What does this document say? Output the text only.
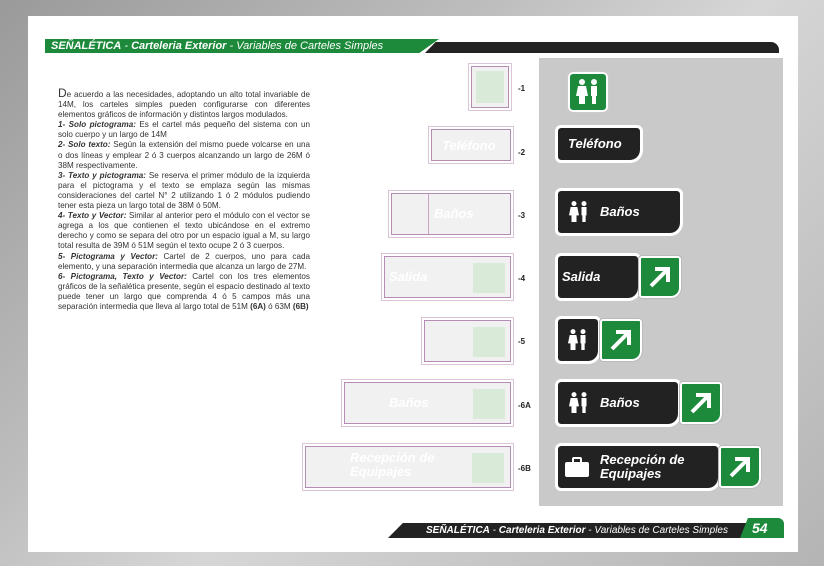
SEÑALÉTICA - Carteleria Exterior - Variables de Carteles Simples

De acuerdo a las necesidades, adoptando un alto total invariable de 14M, los carteles simples pueden configurarse con diferentes elementos gráficos de información y distintos largos modulados.

1- Solo pictograma: Es el cartel más pequeño del sistema con un solo cuerpo y un largo de 14M

2- Solo texto: Según la extensión del mismo puede volcarse en una o dos líneas y emplear 2 ó 3 cuerpos alcanzando un largo de 26M ó 38M respectivamente.

3- Texto y pictograma: Se reserva el primer módulo de la izquierda para el pictograma y el texto se emplaza según las mismas consideraciones del cartel N° 2 utilizando 1 ó 2 módulos pudiendo tener esta pieza un largo total de 38M ó 50M.

4- Texto y Vector: Similar al anterior pero el módulo con el vector se agrega a los que contienen el texto ubicándose en el extremo derecho y como se separa del otro por un espacio igual a M, su largo total resulta de 39M ó 51M según el texto ocupe 2 ó 3 cuerpos.

5- Pictograma y Vector: Cartel de 2 cuerpos, uno para cada elemento, y una separación intermedia que alcanza un largo de 27M.

6- Pictograma, Texto y Vector: Cartel con los tres elementos gráficos de la señalética presente, según el espacio destinado al texto puede tener un largo que comprenda 4 ó 5 campos más una separación intermedia que lleva al largo total de 51M (6A) ó 63M (6B)

Teléfono
Baños
Salida
Baños
Recepción de
Equipajes
-1
-2
-3
-4
-5
-6A
-6B
Teléfono
Baños
Salida
Baños
Recepción de
Equipajes
SEÑALÉTICA - Carteleria Exterior - Variables de Carteles Simples 54
